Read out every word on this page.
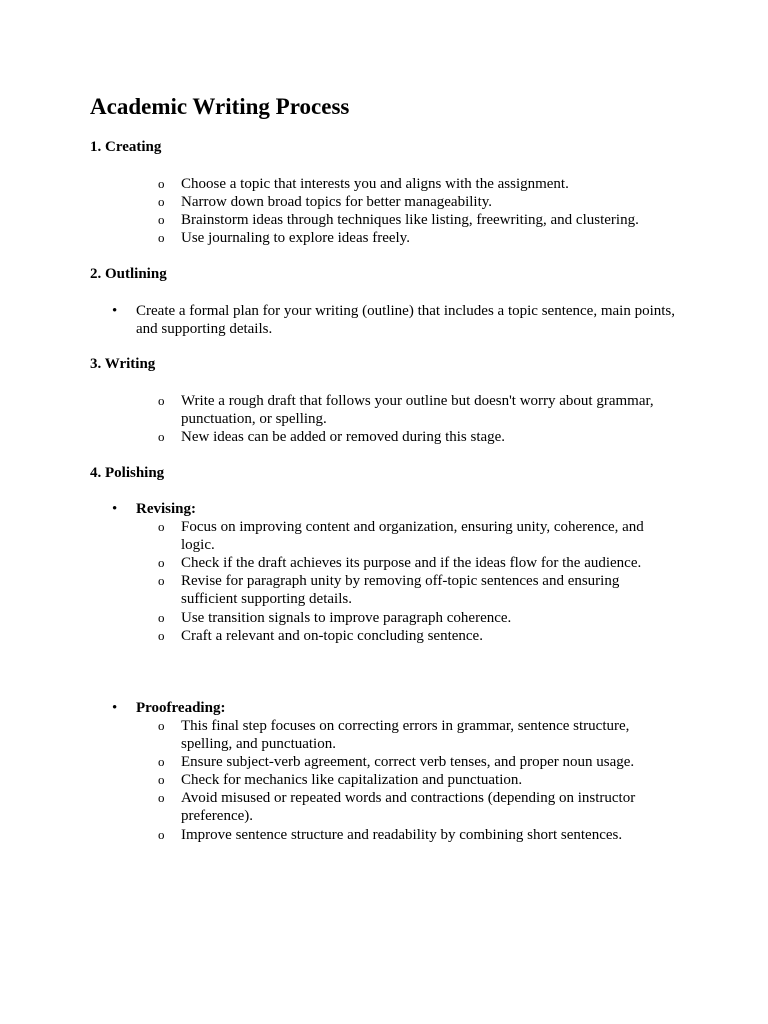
Academic Writing Process
1. Creating
o Choose a topic that interests you and aligns with the assignment.
o Narrow down broad topics for better manageability.
o Brainstorm ideas through techniques like listing, freewriting, and clustering.
o Use journaling to explore ideas freely.
2. Outlining
•	Create a formal plan for your writing (outline) that includes a topic sentence, main points, and supporting details.
3. Writing
o Write a rough draft that follows your outline but doesn't worry about grammar, punctuation, or spelling.
o New ideas can be added or removed during this stage.
4. Polishing
•	Revising:
o Focus on improving content and organization, ensuring unity, coherence, and logic.
o Check if the draft achieves its purpose and if the ideas flow for the audience.
o Revise for paragraph unity by removing off-topic sentences and ensuring sufficient supporting details.
o Use transition signals to improve paragraph coherence.
o Craft a relevant and on-topic concluding sentence.
•	Proofreading:
o This final step focuses on correcting errors in grammar, sentence structure, spelling, and punctuation.
o Ensure subject-verb agreement, correct verb tenses, and proper noun usage.
o Check for mechanics like capitalization and punctuation.
o Avoid misused or repeated words and contractions (depending on instructor preference).
o Improve sentence structure and readability by combining short sentences.
